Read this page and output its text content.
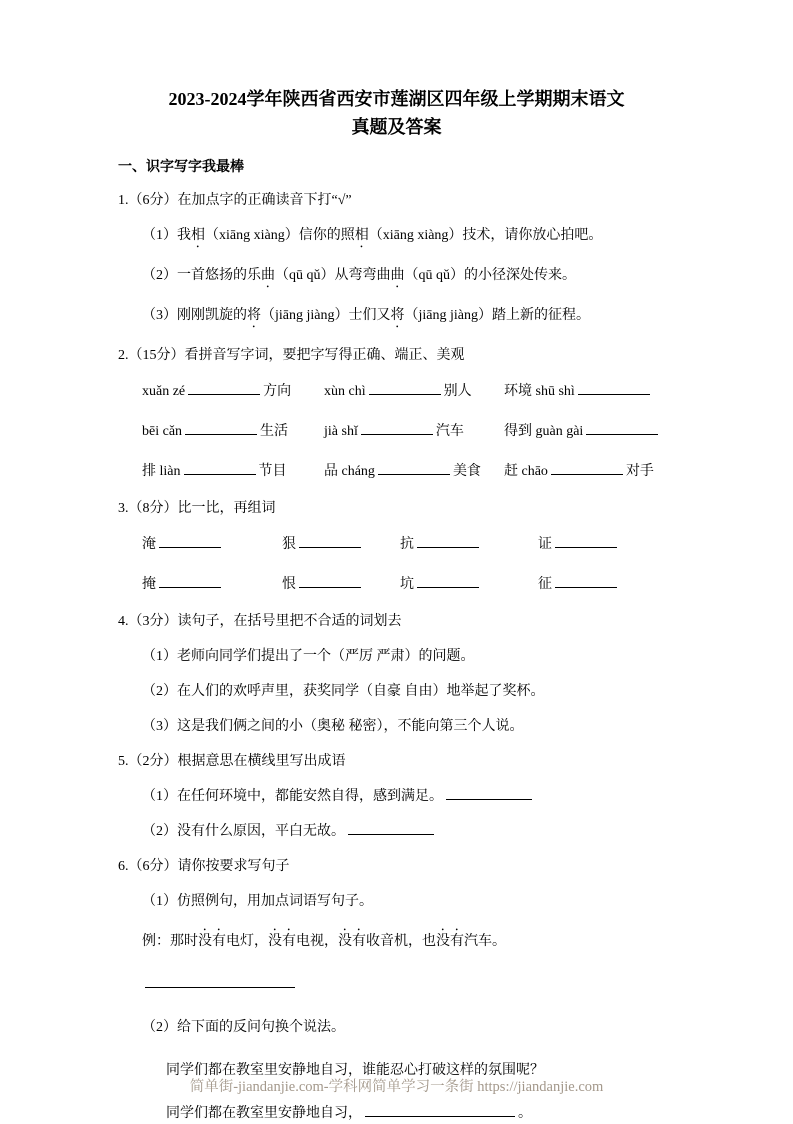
2023-2024学年陕西省西安市莲湖区四年级上学期期末语文
真题及答案
一、识字写字我最棒
1.（6分）在加点字的正确读音下打“√”
（1）我相（xiāng xiàng）信你的照相（xiāng xiàng）技术，请你放心拍吧。
（2）一首悠扬的乐曲（qū qǔ）从弯弯曲曲（qū qǔ）的小径深处传来。
（3）刚刚凯旋的将（jiāng jiàng）士们又将（jiāng jiàng）踏上新的征程。
2.（15分）看拼音写字词，要把字写得正确、端正、美观
xuǎn zé	方向	xùn chì	别人	环境 shū shì
bēi cǎn	生活	jià shǐ	汽车	得到 guàn gài
排 liàn	节目	品 cháng	美食	赶 chāo	对手
3.（8分）比一比，再组词
淹	狠	抗	证
掩	恨	坑	征
4.（3分）读句子，在括号里把不合适的词划去
（1）老师向同学们提出了一个（严厉 严肃）的问题。
（2）在人们的欢呼声里，获奖同学（自豪 自由）地举起了奖杯。
（3）这是我们俩之间的小（奥秘 秘密），不能向第三个人说。
5.（2分）根据意思在横线里写出成语
（1）在任何环境中，都能安然自得，感到满足。
（2）没有什么原因，平白无故。
6.（6分）请你按要求写句子
（1）仿照例句，用加点词语写句子。
例：那时没有电灯，没有电视，没有收音机，也没有汽车。
（2）给下面的反问句换个说法。
同学们都在教室里安静地自习，谁能忍心打破这样的氛围呢？
同学们都在教室里安静地自习，	。
简单街-jiandanjie.com-学科网简单学习一条街 https://jiandanjie.com
